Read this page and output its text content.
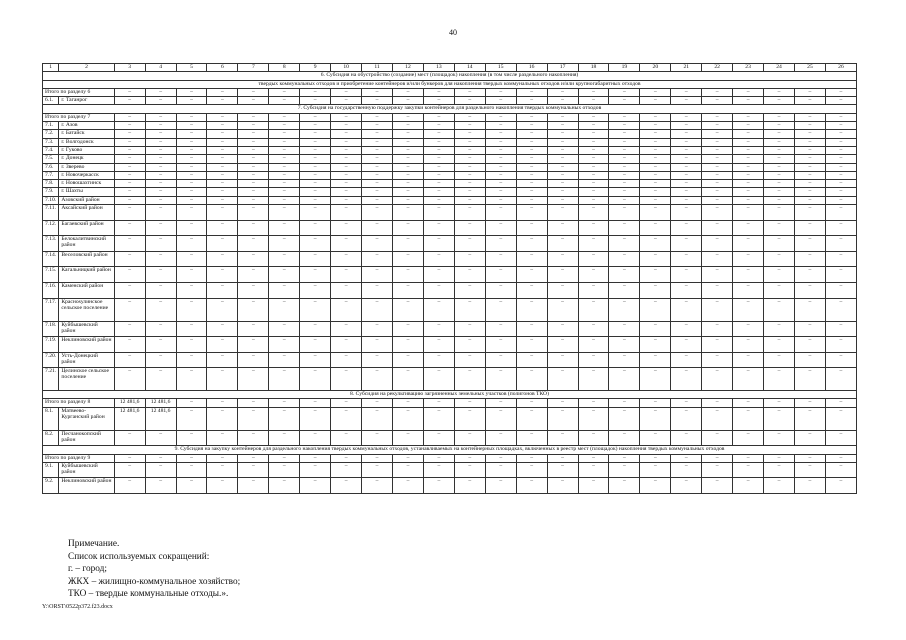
40
1	2	3	4	5	6	7	8	9	10	11	12	13	14	15	16	17	18	19	20	21	22	23	24	25	26
6. Субсидия на обустройство (создание) мест (площадок) накопления (в том числе раздельного накопления)																									
твердых коммунальных отходов и приобретение контейнеров и/или бункеров для накопления твердых коммунальных отходов и/или крупногабаритных отходов																									
Итого по разделу 6		–	–	–	–	–	–	–	–	–	–	–	–	–	–	–	–	–	–	–	–	–	–	–	–
6.1.	г. Таганрог	–	–	–	–	–	–	–	–	–	–	–	–	–	–	–	–	–	–	–	–	–	–	–	–
7. Субсидия на государственную поддержку закупки контейнеров для раздельного накопления твердых коммунальных отходов																									
Итого по разделу 7		–	–	–	–	–	–	–	–	–	–	–	–	–	–	–	–	–	–	–	–	–	–	–	–
7.1.	г. Азов	–	–	–	–	–	–	–	–	–	–	–	–	–	–	–	–	–	–	–	–	–	–	–	–
7.2.	г. Батайск	–	–	–	–	–	–	–	–	–	–	–	–	–	–	–	–	–	–	–	–	–	–	–	–
7.3.	г. Волгодонск	–	–	–	–	–	–	–	–	–	–	–	–	–	–	–	–	–	–	–	–	–	–	–	–
7.4.	г. Гуково	–	–	–	–	–	–	–	–	–	–	–	–	–	–	–	–	–	–	–	–	–	–	–	–
7.5.	г. Донецк	–	–	–	–	–	–	–	–	–	–	–	–	–	–	–	–	–	–	–	–	–	–	–	–
7.6.	г. Зверево	–	–	–	–	–	–	–	–	–	–	–	–	–	–	–	–	–	–	–	–	–	–	–	–
7.7.	г. Новочеркасск	–	–	–	–	–	–	–	–	–	–	–	–	–	–	–	–	–	–	–	–	–	–	–	–
7.8.	г. Новошахтинск	–	–	–	–	–	–	–	–	–	–	–	–	–	–	–	–	–	–	–	–	–	–	–	–
7.9.	г. Шахты	–	–	–	–	–	–	–	–	–	–	–	–	–	–	–	–	–	–	–	–	–	–	–	–
7.10.	Азовский район	–	–	–	–	–	–	–	–	–	–	–	–	–	–	–	–	–	–	–	–	–	–	–	–
7.11.	Аксайский район	–	–	–	–	–	–	–	–	–	–	–	–	–	–	–	–	–	–	–	–	–	–	–	–
7.12.	Багаевский район	–	–	–	–	–	–	–	–	–	–	–	–	–	–	–	–	–	–	–	–	–	–	–	–
7.13.	Белокалитвинский район	–	–	–	–	–	–	–	–	–	–	–	–	–	–	–	–	–	–	–	–	–	–	–	–
7.14.	Веселовский район	–	–	–	–	–	–	–	–	–	–	–	–	–	–	–	–	–	–	–	–	–	–	–	–
7.15.	Кагальницкий район	–	–	–	–	–	–	–	–	–	–	–	–	–	–	–	–	–	–	–	–	–	–	–	–
7.16.	Каменский район	–	–	–	–	–	–	–	–	–	–	–	–	–	–	–	–	–	–	–	–	–	–	–	–
7.17.	Краснosулинское сельское поселение	–	–	–	–	–	–	–	–	–	–	–	–	–	–	–	–	–	–	–	–	–	–	–	–
7.18.	Куйбышевский район	–	–	–	–	–	–	–	–	–	–	–	–	–	–	–	–	–	–	–	–	–	–	–	–
7.19.	Неклиновский район	–	–	–	–	–	–	–	–	–	–	–	–	–	–	–	–	–	–	–	–	–	–	–	–
7.20.	Усть-Донецкий район	–	–	–	–	–	–	–	–	–	–	–	–	–	–	–	–	–	–	–	–	–	–	–	–
7.21.	Целинское сельское поселение	–	–	–	–	–	–	–	–	–	–	–	–	–	–	–	–	–	–	–	–	–	–	–	–
8. Субсидия на рекультивацию загрязненных земельных участков (полигонов ТКО)																									
Итого по разделу 8		12 481,6	12 481,6	–	–	–	–	–	–	–	–	–	–	–	–	–	–	–	–	–	–	–	–	–	–
8.1.	Матвеево-Курганский район	12 481,6	12 481,6	–	–	–	–	–	–	–	–	–	–	–	–	–	–	–	–	–	–	–	–	–	–
8.2.	Песчанокопский район	–	–	–	–	–	–	–	–	–	–	–	–	–	–	–	–	–	–	–	–	–	–	–	–
9. Субсидия на закупку контейнеров для раздельного накопления твердых коммунальных отходов, устанавливаемых на контейнерных площадках, включенных в реестр мест (площадок) накопления твердых коммунальных отходов																									
Итого по разделу 9		–	–	–	–	–	–	–	–	–	–	–	–	–	–	–	–	–	–	–	–	–	–	–	–
9.1.	Куйбышевский район	–	–	–	–	–	–	–	–	–	–	–	–	–	–	–	–	–	–	–	–	–	–	–	–
9.2.	Неклиновский район	–	–	–	–	–	–	–	–	–	–	–	–	–	–	–	–	–	–	–	–	–	–	–	–
Примечание.
Список используемых сокращений:
г. – город;
ЖКХ – жилищно-коммунальное хозяйство;
ТКО – твердые коммунальные отходы.».
Y:\ORST\0522p372.f23.docx
